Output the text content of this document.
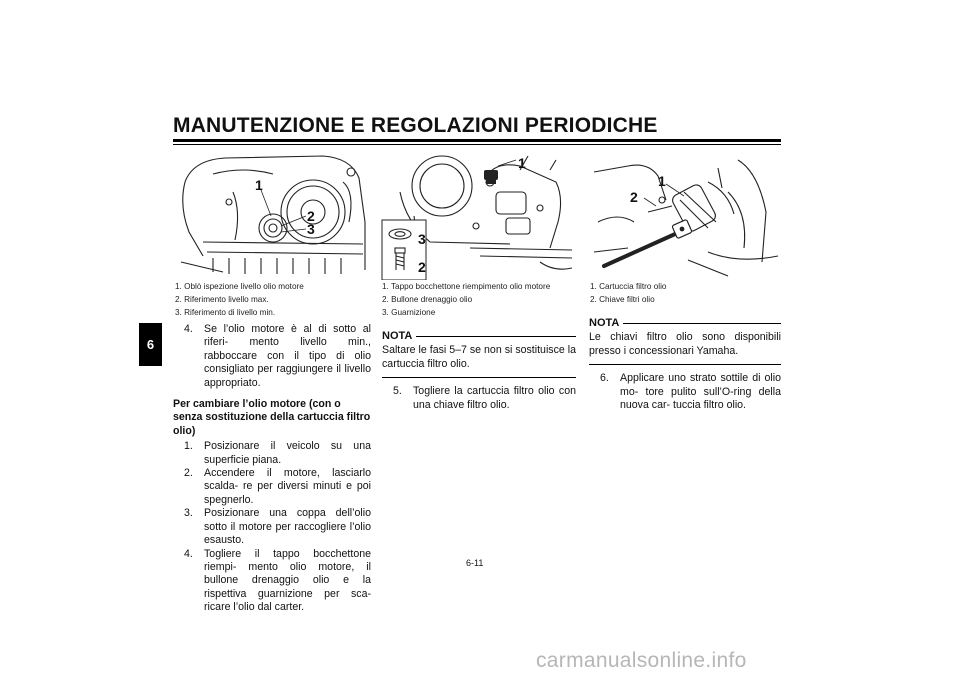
MANUTENZIONE E REGOLAZIONI PERIODICHE
6
1
2
3
1
3
2
1
2
1. Oblò ispezione livello olio motore
2. Riferimento livello max.
3. Riferimento di livello min.
4.	Se l’olio motore è al di sotto al riferi- mento livello min., rabboccare con il tipo di olio consigliato per raggiungere il livello appropriato.
Per cambiare l’olio motore (con o senza sostituzione della cartuccia filtro olio)
1.	Posizionare il veicolo su una superficie piana.
2.	Accendere il motore, lasciarlo scalda- re per diversi minuti e poi spegnerlo.
3.	Posizionare una coppa dell’olio sotto il motore per raccogliere l’olio esausto.
4.	Togliere il tappo bocchettone riempi- mento olio motore, il bullone drenaggio olio e la rispettiva guarnizione per sca- ricare l’olio dal carter.
1. Tappo bocchettone riempimento olio motore
2. Bullone drenaggio olio
3. Guarnizione
NOTA
Saltare le fasi 5–7 se non si sostituisce la cartuccia filtro olio.
5.	Togliere la cartuccia filtro olio con una chiave filtro olio.
1. Cartuccia filtro olio
2. Chiave filtri olio
NOTA
Le chiavi filtro olio sono disponibili presso i concessionari Yamaha.
6.	Applicare uno strato sottile di olio mo- tore pulito sull’O-ring della nuova car- tuccia filtro olio.
6-11
carmanualsonline.info
